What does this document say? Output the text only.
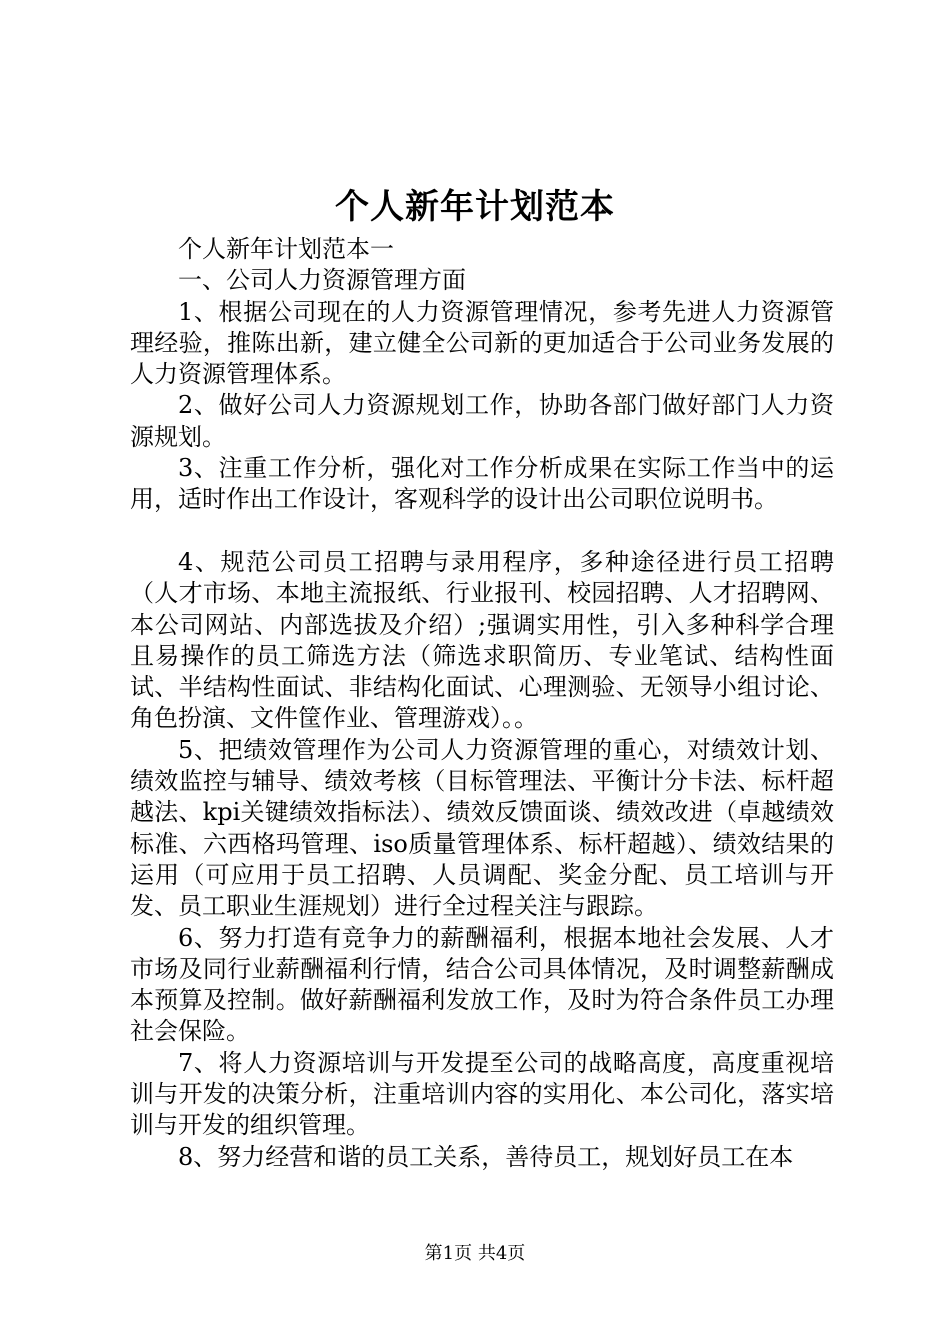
个人新年计划范本

个人新年计划范本一

一、公司人力资源管理方面

1、根据公司现在的人力资源管理情况，参考先进人力资源管理经验，推陈出新，建立健全公司新的更加适合于公司业务发展的人力资源管理体系。

2、做好公司人力资源规划工作，协助各部门做好部门人力资源规划。

3、注重工作分析，强化对工作分析成果在实际工作当中的运用，适时作出工作设计，客观科学的设计出公司职位说明书。

4、规范公司员工招聘与录用程序，多种途径进行员工招聘（人才市场、本地主流报纸、行业报刊、校园招聘、人才招聘网、本公司网站、内部选拔及介绍）;强调实用性，引入多种科学合理且易操作的员工筛选方法（筛选求职简历、专业笔试、结构性面试、半结构性面试、非结构化面试、心理测验、无领导小组讨论、角色扮演、文件筐作业、管理游戏）。。

5、把绩效管理作为公司人力资源管理的重心，对绩效计划、绩效监控与辅导、绩效考核（目标管理法、平衡计分卡法、标杆超越法、kpi关键绩效指标法）、绩效反馈面谈、绩效改进（卓越绩效标准、六西格玛管理、iso质量管理体系、标杆超越）、绩效结果的运用（可应用于员工招聘、人员调配、奖金分配、员工培训与开发、员工职业生涯规划）进行全过程关注与跟踪。

6、努力打造有竞争力的薪酬福利，根据本地社会发展、人才市场及同行业薪酬福利行情，结合公司具体情况，及时调整薪酬成本预算及控制。做好薪酬福利发放工作，及时为符合条件员工办理社会保险。

7、将人力资源培训与开发提至公司的战略高度，高度重视培训与开发的决策分析，注重培训内容的实用化、本公司化，落实培训与开发的组织管理。

8、努力经营和谐的员工关系，善待员工，规划好员工在本

第1页 共4页
